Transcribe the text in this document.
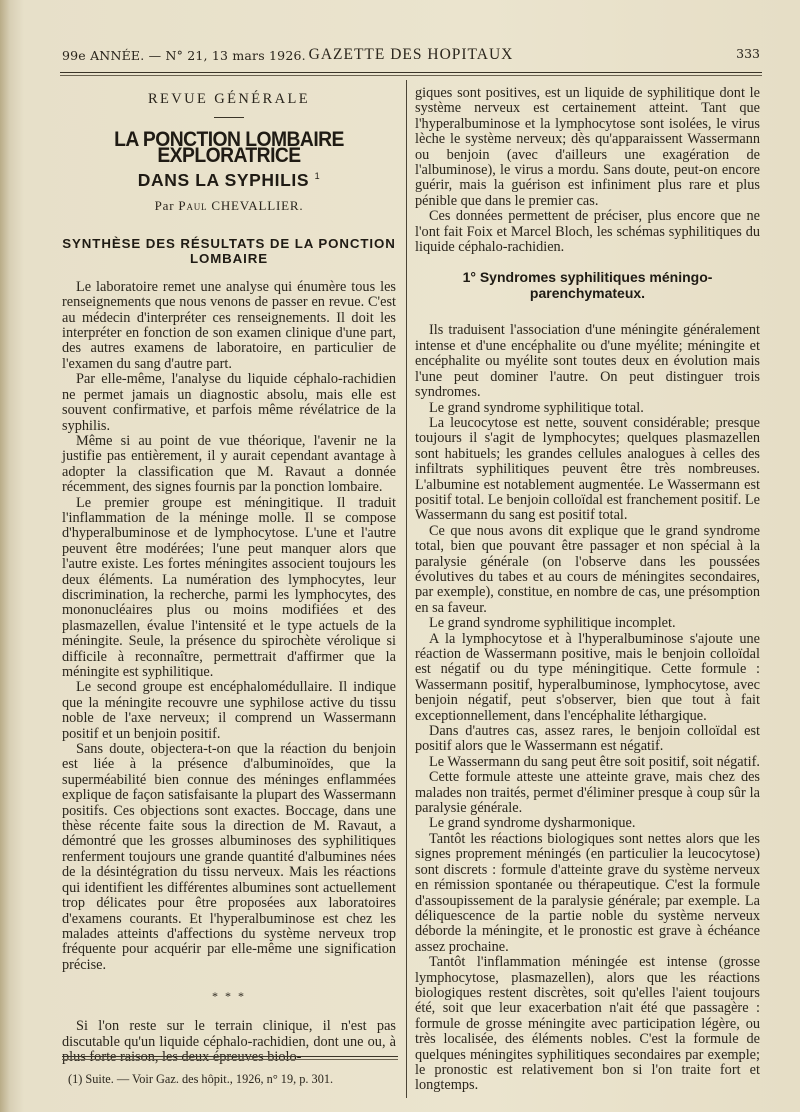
99e ANNÉE. — N° 21, 13 mars 1926. GAZETTE DES HOPITAUX	333
REVUE GÉNÉRALE
LA PONCTION LOMBAIRE EXPLORATRICE
DANS LA SYPHILIS $^1$
Par Paul CHEVALLIER.
SYNTHÈSE DES RÉSULTATS DE LA PONCTION LOMBAIRE

Le laboratoire remet une analyse qui énumère tous les renseignements que nous venons de passer en revue. C'est au médecin d'interpréter ces renseignements. Il doit les interpréter en fonction de son examen clinique d'une part, des autres examens de laboratoire, en particulier de l'examen du sang d'autre part.

Par elle-même, l'analyse du liquide céphalo-rachidien ne permet jamais un diagnostic absolu, mais elle est souvent confirmative, et parfois même révélatrice de la syphilis.

Même si au point de vue théorique, l'avenir ne la justifie pas entièrement, il y aurait cependant avantage à adopter la classification que M. Ravaut a donnée récemment, des signes fournis par la ponction lombaire.

Le premier groupe est méningitique. Il traduit l'inflammation de la méninge molle. Il se compose d'hyperalbuminose et de lymphocytose. L'une et l'autre peuvent être modérées; l'une peut manquer alors que l'autre existe. Les fortes méningites associent toujours les deux éléments. La numération des lymphocytes, leur discrimination, la recherche, parmi les lymphocytes, des mononucléaires plus ou moins modifiées et des plasmazellen, évalue l'intensité et le type actuels de la méningite. Seule, la présence du spirochète vérolique si difficile à reconnaître, permettrait d'affirmer que la méningite est syphilitique.

Le second groupe est encéphalomédullaire. Il indique que la méningite recouvre une syphilose active du tissu noble de l'axe nerveux; il comprend un Wassermann positif et un benjoin positif.

Sans doute, objectera-t-on que la réaction du benjoin est liée à la présence d'albuminoïdes, que la superméabilité bien connue des méninges enflammées explique de façon satisfaisante la plupart des Wassermann positifs. Ces objections sont exactes. Boccage, dans une thèse récente faite sous la direction de M. Ravaut, a démontré que les grosses albuminoses des syphilitiques renferment toujours une grande quantité d'albumines nées de la désintégration du tissu nerveux. Mais les réactions qui identifient les différentes albumines sont actuellement trop délicates pour être proposées aux laboratoires d'examens courants. Et l'hyperalbuminose est chez les malades atteints d'affections du système nerveux trop fréquente pour acquérir par elle-même une signification précise.

* * *

Si l'on reste sur le terrain clinique, il n'est pas discutable qu'un liquide céphalo-rachidien, dont une ou, à plus forte raison, les deux épreuves biolo-

giques sont positives, est un liquide de syphilitique dont le système nerveux est certainement atteint. Tant que l'hyperalbuminose et la lymphocytose sont isolées, le virus lèche le système nerveux; dès qu'apparaissent Wassermann ou benjoin (avec d'ailleurs une exagération de l'albuminose), le virus a mordu. Sans doute, peut-on encore guérir, mais la guérison est infiniment plus rare et plus pénible que dans le premier cas.

Ces données permettent de préciser, plus encore que ne l'ont fait Foix et Marcel Bloch, les schémas syphilitiques du liquide céphalo-rachidien.

1° Syndromes syphilitiques méningo-parenchymateux.

Ils traduisent l'association d'une méningite généralement intense et d'une encéphalite ou d'une myélite; méningite et encéphalite ou myélite sont toutes deux en évolution mais l'une peut dominer l'autre. On peut distinguer trois syndromes.

Le grand syndrome syphilitique total.

La leucocytose est nette, souvent considérable; presque toujours il s'agit de lymphocytes; quelques plasmazellen sont habituels; les grandes cellules analogues à celles des infiltrats syphilitiques peuvent être très nombreuses. L'albumine est notablement augmentée. Le Wassermann est positif total. Le benjoin colloïdal est franchement positif. Le Wassermann du sang est positif total.

Ce que nous avons dit explique que le grand syndrome total, bien que pouvant être passager et non spécial à la paralysie générale (on l'observe dans les poussées évolutives du tabes et au cours de méningites secondaires, par exemple), constitue, en nombre de cas, une présomption en sa faveur.

Le grand syndrome syphilitique incomplet.

A la lymphocytose et à l'hyperalbuminose s'ajoute une réaction de Wassermann positive, mais le benjoin colloïdal est négatif ou du type méningitique. Cette formule : Wassermann positif, hyperalbuminose, lymphocytose, avec benjoin négatif, peut s'observer, bien que tout à fait exceptionnellement, dans l'encéphalite léthargique.

Dans d'autres cas, assez rares, le benjoin colloïdal est positif alors que le Wassermann est négatif.

Le Wassermann du sang peut être soit positif, soit négatif.

Cette formule atteste une atteinte grave, mais chez des malades non traités, permet d'éliminer presque à coup sûr la paralysie générale.

Le grand syndrome dysharmonique.

Tantôt les réactions biologiques sont nettes alors que les signes proprement méningés (en particulier la leucocytose) sont discrets : formule d'atteinte grave du système nerveux en rémission spontanée ou thérapeutique. C'est la formule d'assoupissement de la paralysie générale; par exemple. La déliquescence de la partie noble du système nerveux déborde la méningite, et le pronostic est grave à échéance assez prochaine.

Tantôt l'inflammation méningée est intense (grosse lymphocytose, plasmazellen), alors que les réactions biologiques restent discrètes, soit qu'elles l'aient toujours été, soit que leur exacerbation n'ait été que passagère : formule de grosse méningite avec participation légère, ou très localisée, des éléments nobles. C'est la formule de quelques méningites syphilitiques secondaires par exemple; le pronostic est relativement bon si l'on traite fort et longtemps.

(1) Suite. — Voir Gaz. des hôpit., 1926, n° 19, p. 301.
